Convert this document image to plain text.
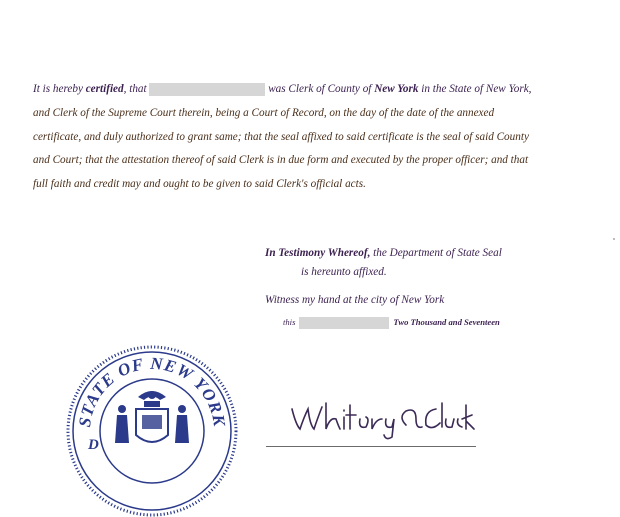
It is hereby certified, that	was Clerk of County of New York in the State of New York,
and Clerk of the Supreme Court therein, being a Court of Record, on the day of the date of the annexed
certificate, and duly authorized to grant same; that the seal affixed to said certificate is the seal of said County
and Court; that the attestation thereof of said Clerk is in due form and executed by the proper officer; and that
full faith and credit may and ought to be given to said Clerk's official acts.
In Testimony Whereof, the Department of State Seal
is hereunto affixed.
Witness my hand at the city of New York
this	Two Thousand and Seventeen
STATE OF NEW YORK
D
